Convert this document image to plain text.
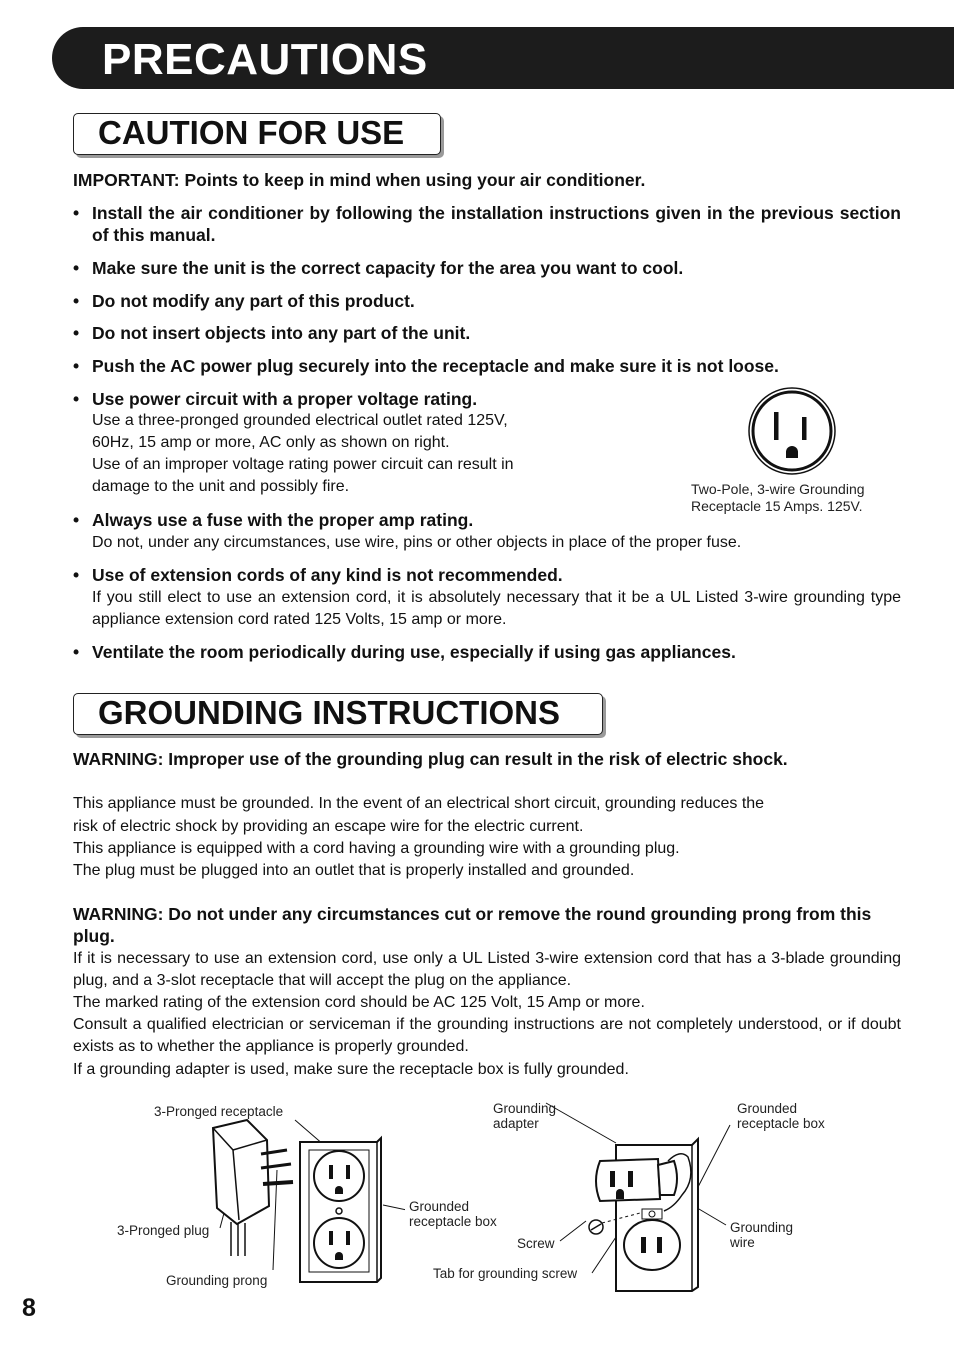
PRECAUTIONS
CAUTION FOR USE
IMPORTANT: Points to keep in mind when using your air conditioner.
• Install the air conditioner by following the installation instructions given in the previous section of this manual.
• Make sure the unit is the correct capacity for the area you want to cool.
• Do not modify any part of this product.
• Do not insert objects into any part of the unit.
• Push the AC power plug securely into the receptacle and make sure it is not loose.
• Use power circuit with a proper voltage rating.
Use a three-pronged grounded electrical outlet rated 125V,
60Hz, 15 amp or more, AC only as shown on right.
Use of an improper voltage rating power circuit can result in
damage to the unit and possibly fire.	Two-Pole, 3-wire Grounding
Receptacle 15 Amps. 125V.
• Always use a fuse with the proper amp rating.
Do not, under any circumstances, use wire, pins or other objects in place of the proper fuse.
• Use of extension cords of any kind is not recommended.
If you still elect to use an extension cord, it is absolutely necessary that it be a UL Listed 3-wire grounding type appliance extension cord rated 125 Volts, 15 amp or more.
• Ventilate the room periodically during use, especially if using gas appliances.
GROUNDING INSTRUCTIONS
WARNING: Improper use of the grounding plug can result in the risk of electric shock.
This appliance must be grounded. In the event of an electrical short circuit, grounding reduces the
risk of electric shock by providing an escape wire for the electric current.
This appliance is equipped with a cord having a grounding wire with a grounding plug.
The plug must be plugged into an outlet that is properly installed and grounded.
WARNING: Do not under any circumstances cut or remove the round grounding prong from this plug.
If it is necessary to use an extension cord, use only a UL Listed 3-wire extension cord that has a 3-blade grounding plug, and a 3-slot receptacle that will accept the plug on the appliance.
The marked rating of the extension cord should be AC 125 Volt, 15 Amp or more.
Consult a qualified electrician or serviceman if the grounding instructions are not completely understood, or if doubt exists as to whether the appliance is properly grounded.
If a grounding adapter is used, make sure the receptacle box is fully grounded.
3-Pronged receptacle
3-Pronged plug
Grounding prong
Grounded
receptacle box
Grounding
adapter
Grounded
receptacle box
Screw
Grounding
wire
Tab for grounding screw
8
